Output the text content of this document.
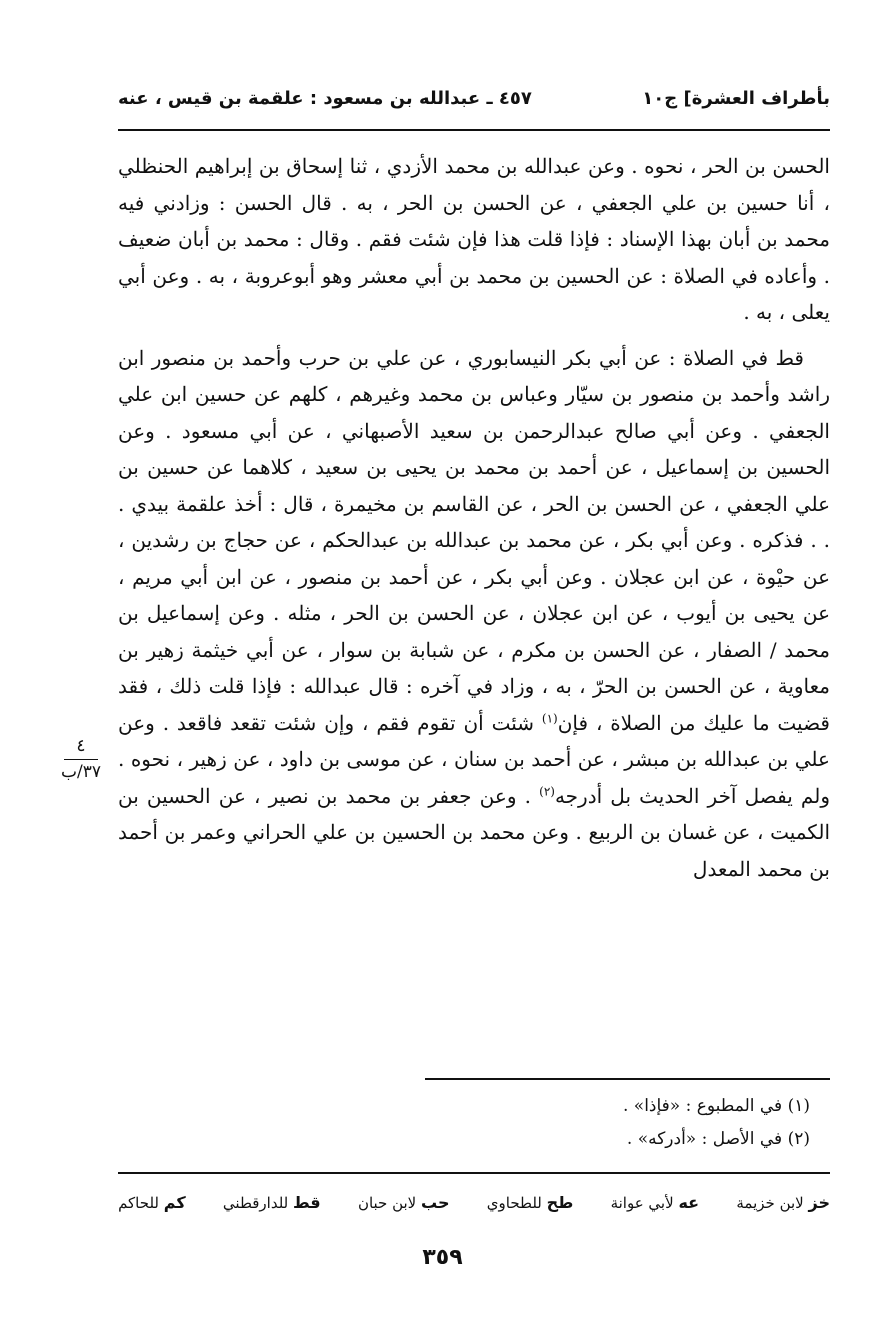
بأطراف العشرة] ج١٠
٤٥٧ ـ عبدالله بن مسعود : علقمة بن قيس ، عنه

الحسن بن الحر ، نحوه . وعن عبدالله بن محمد الأزدي ، ثنا إسحاق بن إبراهيم الحنظلي ، أنا حسين بن علي الجعفي ، عن الحسن بن الحر ، به . قال الحسن : وزادني فيه محمد بن أبان بهذا الإسناد : فإذا قلت هذا فإن شئت فقم . وقال : محمد بن أبان ضعيف . وأعاده في الصلاة : عن الحسين بن محمد بن أبي معشر وهو أبوعروبة ، به . وعن أبي يعلى ، به .

قط في الصلاة : عن أبي بكر النيسابوري ، عن علي بن حرب وأحمد بن منصور ابن راشد وأحمد بن منصور بن سيّار وعباس بن محمد وغيرهم ، كلهم عن حسين ابن علي الجعفي . وعن أبي صالح عبدالرحمن بن سعيد الأصبهاني ، عن أبي مسعود . وعن الحسين بن إسماعيل ، عن أحمد بن محمد بن يحيى بن سعيد ، كلاهما عن حسين بن علي الجعفي ، عن الحسن بن الحر ، عن القاسم بن مخيمرة ، قال : أخذ علقمة بيدي . . . فذكره . وعن أبي بكر ، عن محمد بن عبدالله بن عبدالحكم ، عن حجاج بن رشدين ، عن حيْوة ، عن ابن عجلان . وعن أبي بكر ، عن أحمد بن منصور ، عن ابن أبي مريم ، عن يحيى بن أيوب ، عن ابن عجلان ، عن الحسن بن الحر ، مثله . وعن إسماعيل بن محمد / الصفار ، عن الحسن بن مكرم ، عن شبابة بن سوار ، عن أبي خيثمة زهير بن معاوية ، عن الحسن بن الحرّ ، به ، وزاد في آخره : قال عبدالله : فإذا قلت ذلك ، فقد قضيت ما عليك من الصلاة ، فإن$^{(١)}$ شئت أن تقوم فقم ، وإن شئت تقعد فاقعد . وعن علي بن عبدالله بن مبشر ، عن أحمد بن سنان ، عن موسى بن داود ، عن زهير ، نحوه . ولم يفصل آخر الحديث بل أدرجه$^{(٢)}$ . وعن جعفر بن محمد بن نصير ، عن الحسين بن الكميت ، عن غسان بن الربيع . وعن محمد بن الحسين بن علي الحراني وعمر بن أحمد بن محمد المعدل

٤
٣٧/ب
(١) في المطبوع : «فإذا» .
(٢) في الأصل : «أدركه» .
خز لابن خزيمة
عه لأبي عوانة
طح للطحاوي
حب لابن حبان
قط للدارقطني
كم للحاكم
٣٥٩
